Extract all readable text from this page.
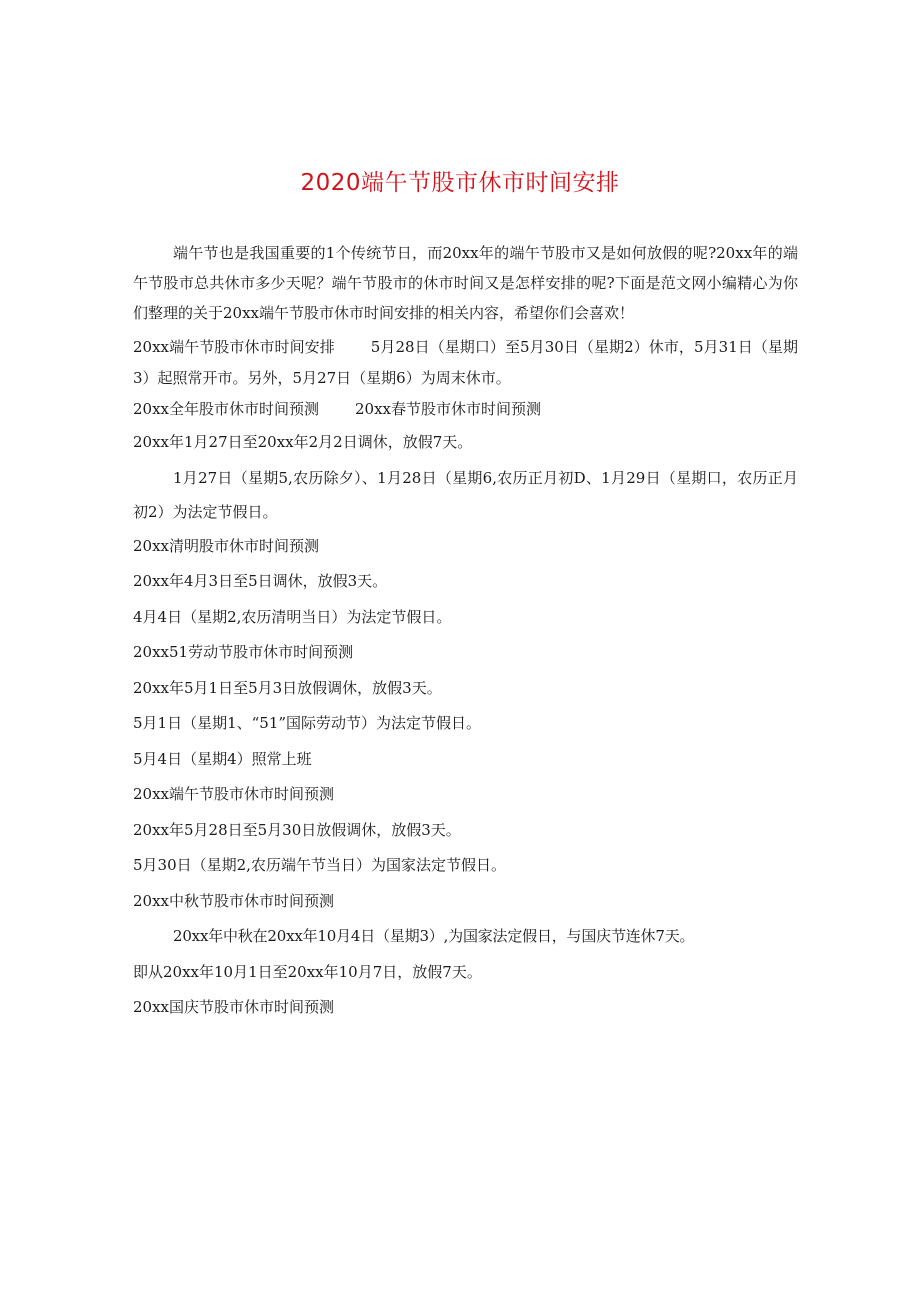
2020端午节股市休市时间安排

端午节也是我国重要的1个传统节日，而20xx年的端午节股市又是如何放假的呢?20xx年的端午节股市总共休市多少天呢？端午节股市的休市时间又是怎样安排的呢?下面是范文网小编精心为你们整理的关于20xx端午节股市休市时间安排的相关内容，希望你们会喜欢！

20xx端午节股市休市时间安排 5月28日（星期口）至5月30日（星期2）休市，5月31日（星期3）起照常开市。另外，5月27日（星期6）为周末休市。

20xx全年股市休市时间预测 20xx春节股市休市时间预测

20xx年1月27日至20xx年2月2日调休，放假7天。

1月27日（星期5,农历除夕）、1月28日（星期6,农历正月初D、1月29日（星期口，农历正月初2）为法定节假日。

20xx清明股市休市时间预测

20xx年4月3日至5日调休，放假3天。

4月4日（星期2,农历清明当日）为法定节假日。

20xx51劳动节股市休市时间预测

20xx年5月1日至5月3日放假调休，放假3天。

5月1日（星期1、“51”国际劳动节）为法定节假日。

5月4日（星期4）照常上班

20xx端午节股市休市时间预测

20xx年5月28日至5月30日放假调休，放假3天。

5月30日（星期2,农历端午节当日）为国家法定节假日。

20xx中秋节股市休市时间预测

20xx年中秋在20xx年10月4日（星期3）,为国家法定假日，与国庆节连休7天。

即从20xx年10月1日至20xx年10月7日，放假7天。

20xx国庆节股市休市时间预测
